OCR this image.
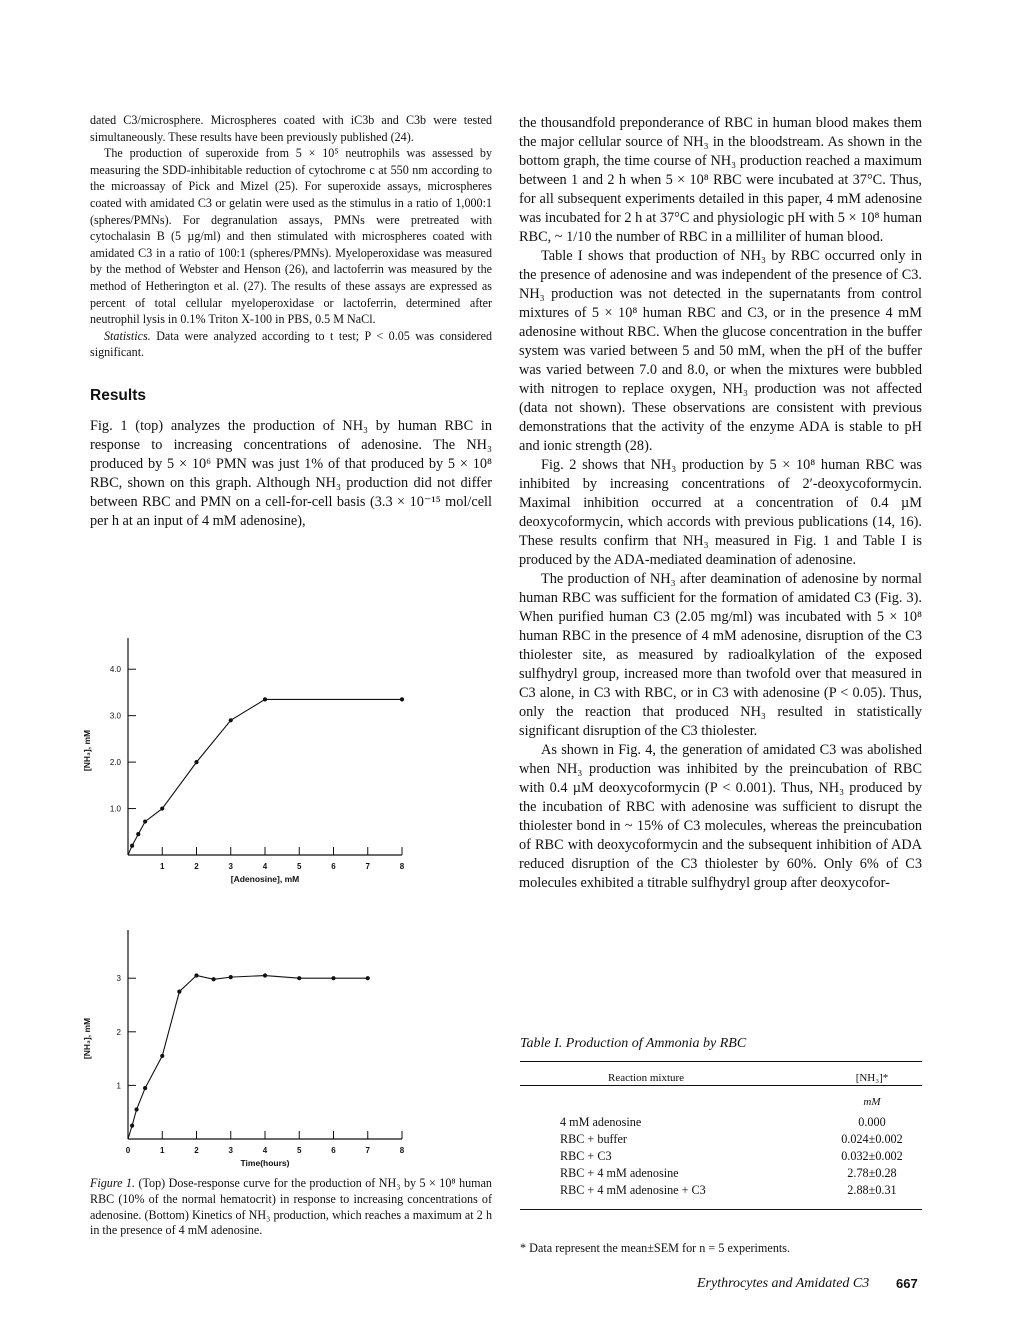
dated C3/microsphere. Microspheres coated with iC3b and C3b were tested simultaneously. These results have been previously published (24).

The production of superoxide from 5 × 10⁵ neutrophils was assessed by measuring the SDD-inhibitable reduction of cytochrome c at 550 nm according to the microassay of Pick and Mizel (25). For superoxide assays, microspheres coated with amidated C3 or gelatin were used as the stimulus in a ratio of 1,000:1 (spheres/PMNs). For degranulation assays, PMNs were pretreated with cytochalasin B (5 µg/ml) and then stimulated with microspheres coated with amidated C3 in a ratio of 100:1 (spheres/PMNs). Myeloperoxidase was measured by the method of Webster and Henson (26), and lactoferrin was measured by the method of Hetherington et al. (27). The results of these assays are expressed as percent of total cellular myeloperoxidase or lactoferrin, determined after neutrophil lysis in 0.1% Triton X-100 in PBS, 0.5 M NaCl.

Statistics. Data were analyzed according to t test; P < 0.05 was considered significant.

Results

Fig. 1 (top) analyzes the production of NH₃ by human RBC in response to increasing concentrations of adenosine. The NH₃ produced by 5 × 10⁶ PMN was just 1% of that produced by 5 × 10⁸ RBC, shown on this graph. Although NH₃ production did not differ between RBC and PMN on a cell-for-cell basis (3.3 × 10⁻¹⁵ mol/cell per h at an input of 4 mM adenosine),

1.0
2.0
3.0
4.0
1	2	3	4	5	6	7	8
[Adenosine], mM
[NH₃], mM
1
2
3
0	1	2	3	4	5	6	7	8
Time(hours)
[NH₃], mM

Figure 1. (Top) Dose-response curve for the production of NH₃ by 5 × 10⁸ human RBC (10% of the normal hematocrit) in response to increasing concentrations of adenosine. (Bottom) Kinetics of NH₃ production, which reaches a maximum at 2 h in the presence of 4 mM adenosine.

the thousandfold preponderance of RBC in human blood makes them the major cellular source of NH₃ in the bloodstream. As shown in the bottom graph, the time course of NH₃ production reached a maximum between 1 and 2 h when 5 × 10⁸ RBC were incubated at 37°C. Thus, for all subsequent experiments detailed in this paper, 4 mM adenosine was incubated for 2 h at 37°C and physiologic pH with 5 × 10⁸ human RBC, ~ 1/10 the number of RBC in a milliliter of human blood.

Table I shows that production of NH₃ by RBC occurred only in the presence of adenosine and was independent of the presence of C3. NH₃ production was not detected in the supernatants from control mixtures of 5 × 10⁸ human RBC and C3, or in the presence 4 mM adenosine without RBC. When the glucose concentration in the buffer system was varied between 5 and 50 mM, when the pH of the buffer was varied between 7.0 and 8.0, or when the mixtures were bubbled with nitrogen to replace oxygen, NH₃ production was not affected (data not shown). These observations are consistent with previous demonstrations that the activity of the enzyme ADA is stable to pH and ionic strength (28).

Fig. 2 shows that NH₃ production by 5 × 10⁸ human RBC was inhibited by increasing concentrations of 2′-deoxycoformycin. Maximal inhibition occurred at a concentration of 0.4 µM deoxycoformycin, which accords with previous publications (14, 16). These results confirm that NH₃ measured in Fig. 1 and Table I is produced by the ADA-mediated deamination of adenosine.

The production of NH₃ after deamination of adenosine by normal human RBC was sufficient for the formation of amidated C3 (Fig. 3). When purified human C3 (2.05 mg/ml) was incubated with 5 × 10⁸ human RBC in the presence of 4 mM adenosine, disruption of the C3 thiolester site, as measured by radioalkylation of the exposed sulfhydryl group, increased more than twofold over that measured in C3 alone, in C3 with RBC, or in C3 with adenosine (P < 0.05). Thus, only the reaction that produced NH₃ resulted in statistically significant disruption of the C3 thiolester.

As shown in Fig. 4, the generation of amidated C3 was abolished when NH₃ production was inhibited by the preincubation of RBC with 0.4 µM deoxycoformycin (P < 0.001). Thus, NH₃ produced by the incubation of RBC with adenosine was sufficient to disrupt the thiolester bond in ~ 15% of C3 molecules, whereas the preincubation of RBC with deoxycoformycin and the subsequent inhibition of ADA reduced disruption of the C3 thiolester by 60%. Only 6% of C3 molecules exhibited a titrable sulfhydryl group after deoxycofor-

Table I. Production of Ammonia by RBC
Reaction mixture	[NH₃]*
	mM
4 mM adenosine	0.000
RBC + buffer	0.024±0.002
RBC + C3	0.032±0.002
RBC + 4 mM adenosine	2.78±0.28
RBC + 4 mM adenosine + C3	2.88±0.31

* Data represent the mean±SEM for n = 5 experiments.
Erythrocytes and Amidated C3 667
